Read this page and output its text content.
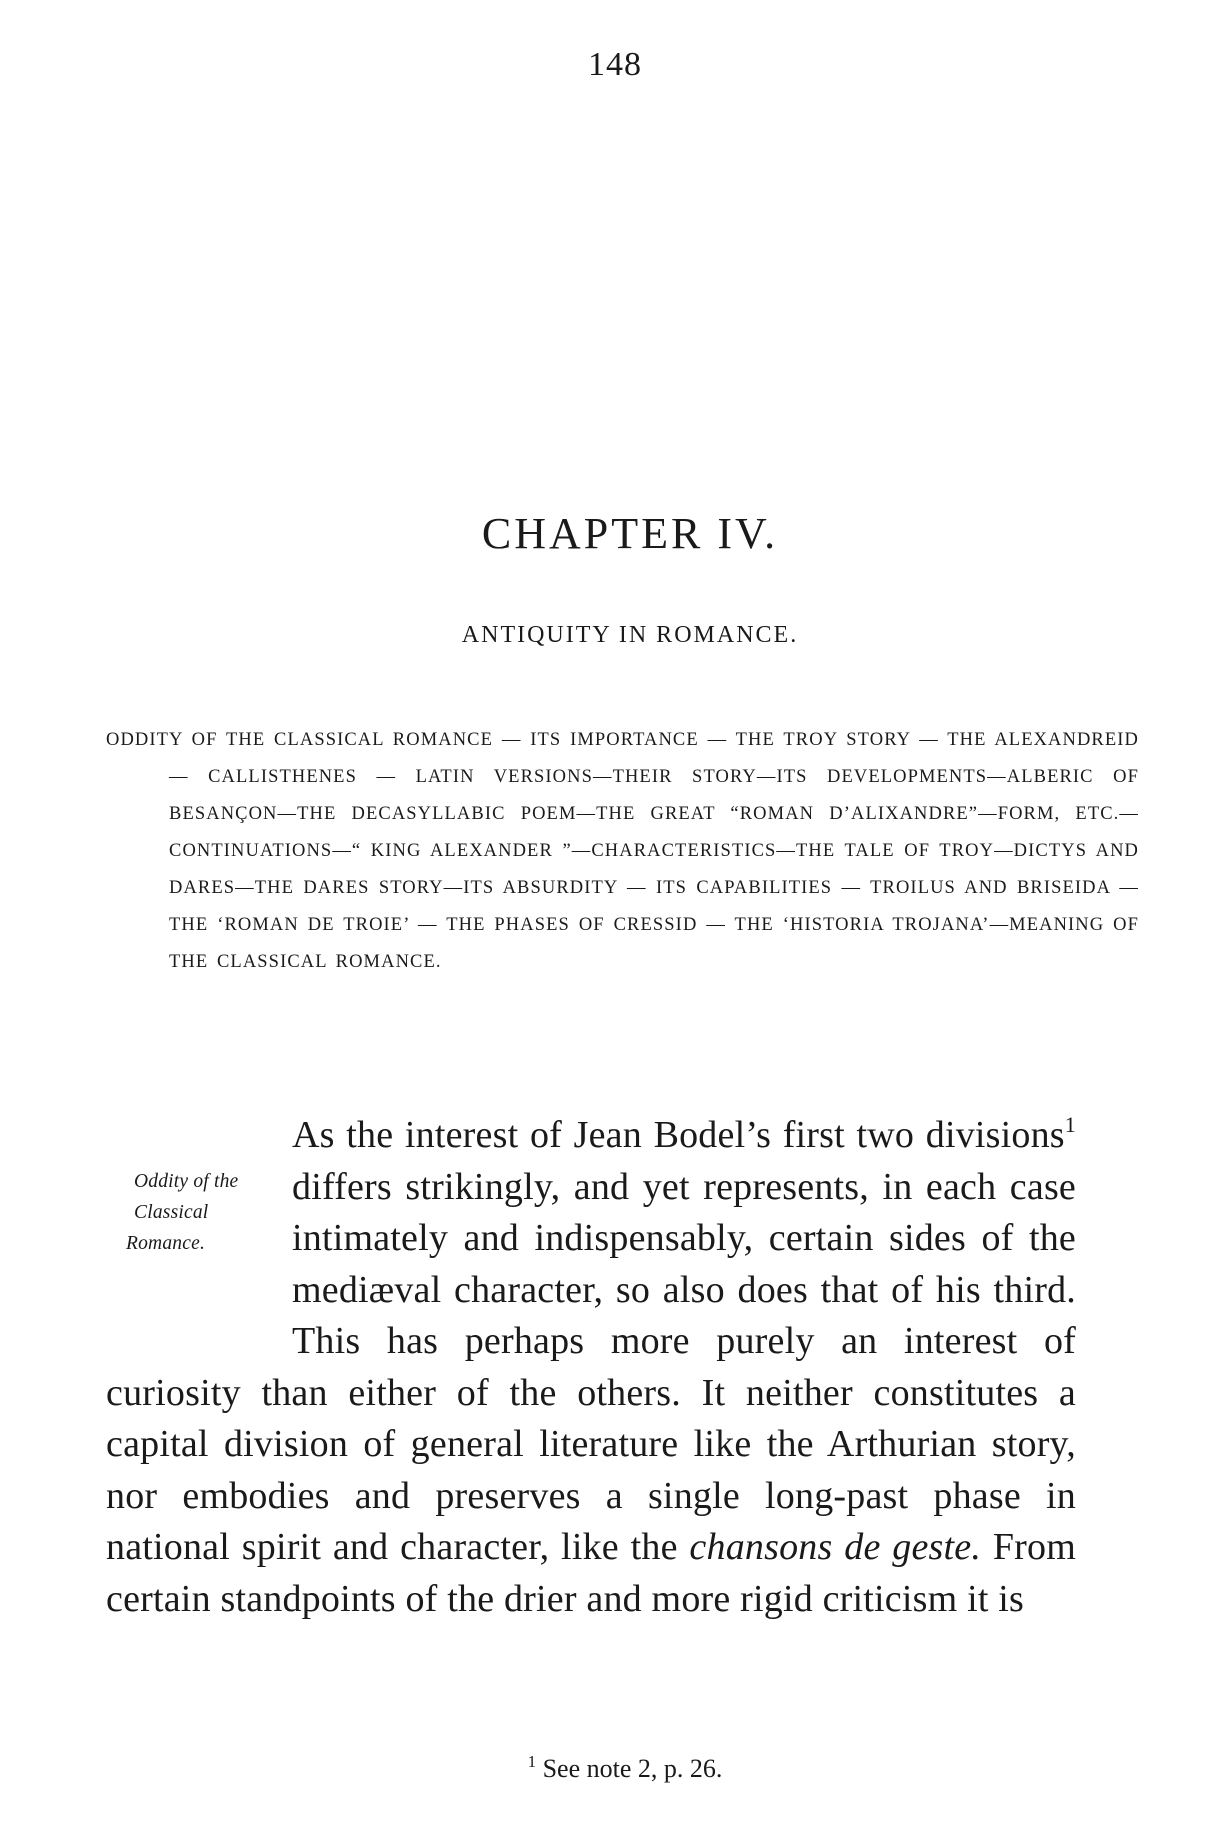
148
CHAPTER IV.
ANTIQUITY IN ROMANCE.
ODDITY OF THE CLASSICAL ROMANCE — ITS IMPORTANCE — THE TROY STORY — THE ALEXANDREID — CALLISTHENES — LATIN VERSIONS—THEIR STORY—ITS DEVELOPMENTS—ALBERIC OF BESANÇON—THE DECASYLLABIC POEM—THE GREAT “ROMAN D’ALIXANDRE”—FORM, ETC.—CONTINUATIONS—“ KING ALEXANDER ”—CHARACTERISTICS—THE TALE OF TROY—DICTYS AND DARES—THE DARES STORY—ITS ABSURDITY — ITS CAPABILITIES — TROILUS AND BRISEIDA — THE ‘ROMAN DE TROIE’ — THE PHASES OF CRESSID — THE ‘HISTORIA TROJANA’—MEANING OF THE CLASSICAL ROMANCE.
Oddity of the
Classical
Romance.
As the interest of Jean Bodel’s first two divisions$^1$ differs strikingly, and yet represents, in each case intimately and indispensably, certain sides of the mediæval character, so also does that of his third. This has perhaps more purely an interest of curiosity than either of the others. It neither constitutes a capital division of general literature like the Arthurian story, nor embodies and preserves a single long-past phase in national spirit and character, like the chansons de geste. From certain standpoints of the drier and more rigid criticism it is
$^1$ See note 2, p. 26.
